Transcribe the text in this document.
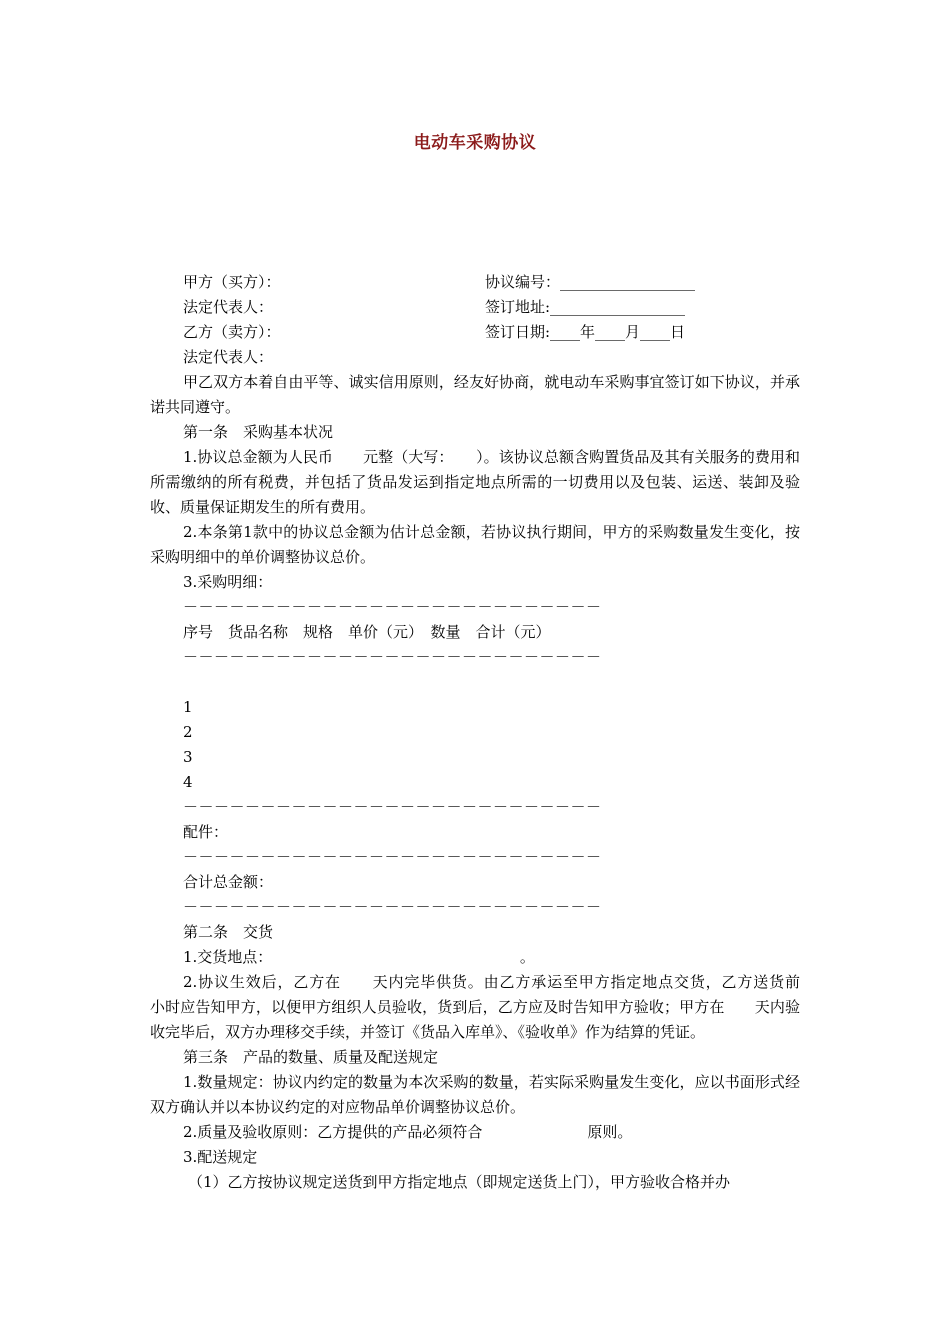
电动车采购协议
甲方（买方）：	协议编号：__________________
法定代表人：	签订地址:__________________
乙方（卖方）：	签订日期:____年____月____日
法定代表人：
甲乙双方本着自由平等、诚实信用原则，经友好协商，就电动车采购事宜签订如下协议，并承诺共同遵守。
第一条　采购基本状况
1.协议总金额为人民币　　元整（大写：　　）。该协议总额含购置货品及其有关服务的费用和所需缴纳的所有税费，并包括了货品发运到指定地点所需的一切费用以及包装、运送、装卸及验收、质量保证期发生的所有费用。
2.本条第1款中的协议总金额为估计总金额，若协议执行期间，甲方的采购数量发生变化，按采购明细中的单价调整协议总价。
3.采购明细：
－－－－－－－－－－－－－－－－－－－－－－－－－－－
序号　货品名称　规格　单价（元）　数量　合计（元）
－－－－－－－－－－－－－－－－－－－－－－－－－－－
1
2
3
4
－－－－－－－－－－－－－－－－－－－－－－－－－－－
配件：
－－－－－－－－－－－－－－－－－－－－－－－－－－－
合计总金额：
－－－－－－－－－－－－－－－－－－－－－－－－－－－
第二条　交货
1.交货地点：　　　　　　　　　　　　　　　　　。
2.协议生效后，乙方在　　天内完毕供货。由乙方承运至甲方指定地点交货，乙方送货前　　小时应告知甲方，以便甲方组织人员验收，货到后，乙方应及时告知甲方验收；甲方在　　天内验收完毕后，双方办理移交手续，并签订《货品入库单》、《验收单》作为结算的凭证。
第三条　产品的数量、质量及配送规定
1.数量规定：协议内约定的数量为本次采购的数量，若实际采购量发生变化，应以书面形式经双方确认并以本协议约定的对应物品单价调整协议总价。
2.质量及验收原则：乙方提供的产品必须符合　　　　　　　原则。
3.配送规定
（1）乙方按协议规定送货到甲方指定地点（即规定送货上门），甲方验收合格并办
